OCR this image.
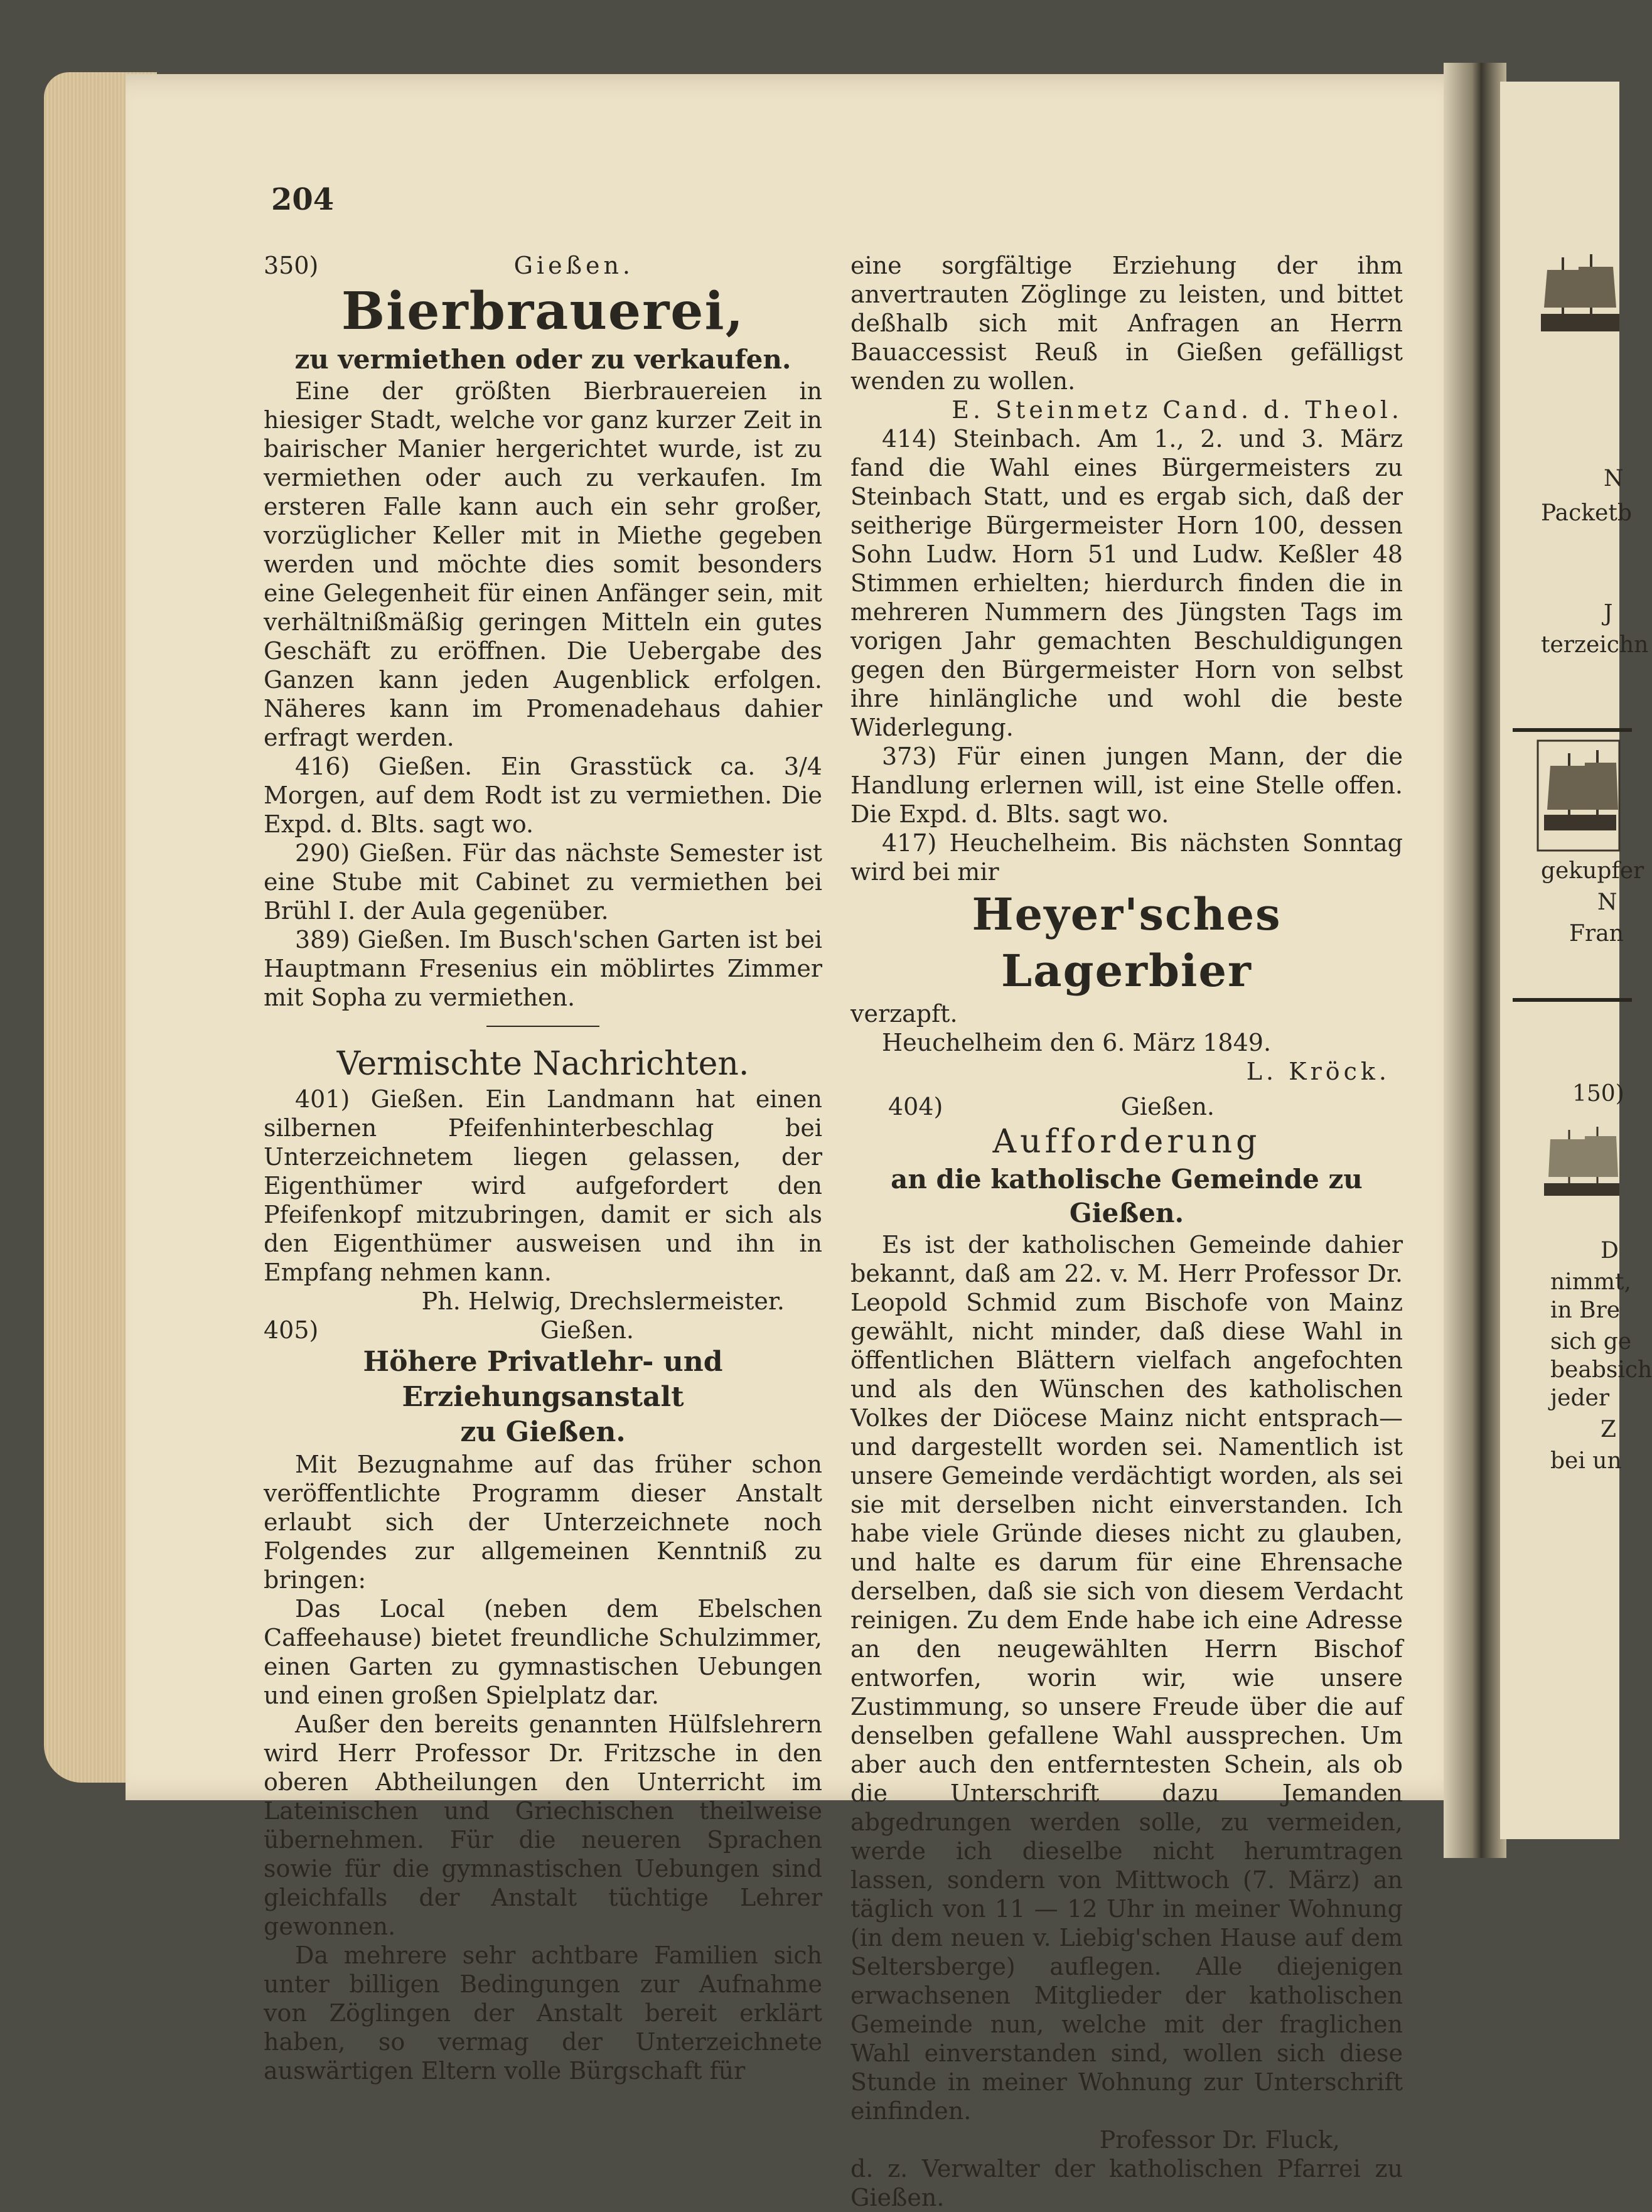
204
350)	Gießen.
Bierbrauerei,
zu vermiethen oder zu verkaufen.

Eine der größten Bierbrauereien in hiesiger Stadt, welche vor ganz kurzer Zeit in bairischer Manier hergerichtet wurde, ist zu vermiethen oder auch zu verkaufen. Im ersteren Falle kann auch ein sehr großer, vorzüglicher Keller mit in Miethe gegeben werden und möchte dies somit besonders eine Gelegenheit für einen Anfänger sein, mit verhältnißmäßig geringen Mitteln ein gutes Geschäft zu eröffnen. Die Uebergabe des Ganzen kann jeden Augenblick erfolgen. Näheres kann im Promenadehaus dahier erfragt werden.

416) Gießen. Ein Grasstück ca. 3/4 Morgen, auf dem Rodt ist zu vermiethen. Die Expd. d. Blts. sagt wo.

290) Gießen. Für das nächste Semester ist eine Stube mit Cabinet zu vermiethen bei Brühl I. der Aula gegenüber.

389) Gießen. Im Busch'schen Garten ist bei Hauptmann Fresenius ein möblirtes Zimmer mit Sopha zu vermiethen.

Vermischte Nachrichten.

401) Gießen. Ein Landmann hat einen silbernen Pfeifenhinterbeschlag bei Unterzeichnetem liegen gelassen, der Eigenthümer wird aufgefordert den Pfeifenkopf mitzubringen, damit er sich als den Eigenthümer ausweisen und ihn in Empfang nehmen kann.

Ph. Helwig, Drechslermeister.

405)	Gießen.
Höhere Privatlehr- und Erziehungsanstalt
zu Gießen.

Mit Bezugnahme auf das früher schon veröffentlichte Programm dieser Anstalt erlaubt sich der Unterzeichnete noch Folgendes zur allgemeinen Kenntniß zu bringen:

Das Local (neben dem Ebelschen Caffeehause) bietet freundliche Schulzimmer, einen Garten zu gymnastischen Uebungen und einen großen Spielplatz dar.

Außer den bereits genannten Hülfslehrern wird Herr Professor Dr. Fritzsche in den oberen Abtheilungen den Unterricht im Lateinischen und Griechischen theilweise übernehmen. Für die neueren Sprachen sowie für die gymnastischen Uebungen sind gleichfalls der Anstalt tüchtige Lehrer gewonnen.

Da mehrere sehr achtbare Familien sich unter billigen Bedingungen zur Aufnahme von Zöglingen der Anstalt bereit erklärt haben, so vermag der Unterzeichnete auswärtigen Eltern volle Bürgschaft für

eine sorgfältige Erziehung der ihm anvertrauten Zöglinge zu leisten, und bittet deßhalb sich mit Anfragen an Herrn Bauaccessist Reuß in Gießen gefälligst wenden zu wollen.

E. Steinmetz Cand. d. Theol.

414) Steinbach. Am 1., 2. und 3. März fand die Wahl eines Bürgermeisters zu Steinbach Statt, und es ergab sich, daß der seitherige Bürgermeister Horn 100, dessen Sohn Ludw. Horn 51 und Ludw. Keßler 48 Stimmen erhielten; hierdurch finden die in mehreren Nummern des Jüngsten Tags im vorigen Jahr gemachten Beschuldigungen gegen den Bürgermeister Horn von selbst ihre hinlängliche und wohl die beste Widerlegung.

373) Für einen jungen Mann, der die Handlung erlernen will, ist eine Stelle offen. Die Expd. d. Blts. sagt wo.

417) Heuchelheim. Bis nächsten Sonntag wird bei mir

Heyer'sches Lagerbier

verzapft.

Heuchelheim den 6. März 1849.

L. Kröck.

404)	Gießen.
Aufforderung
an die katholische Gemeinde zu Gießen.

Es ist der katholischen Gemeinde dahier bekannt, daß am 22. v. M. Herr Professor Dr. Leopold Schmid zum Bischofe von Mainz gewählt, nicht minder, daß diese Wahl in öffentlichen Blättern vielfach angefochten und als den Wünschen des katholischen Volkes der Diöcese Mainz nicht entsprach—und dargestellt worden sei. Namentlich ist unsere Gemeinde verdächtigt worden, als sei sie mit derselben nicht einverstanden. Ich habe viele Gründe dieses nicht zu glauben, und halte es darum für eine Ehrensache derselben, daß sie sich von diesem Verdacht reinigen. Zu dem Ende habe ich eine Adresse an den neugewählten Herrn Bischof entworfen, worin wir, wie unsere Zustimmung, so unsere Freude über die auf denselben gefallene Wahl aussprechen. Um aber auch den entferntesten Schein, als ob die Unterschrift dazu Jemanden abgedrungen werden solle, zu vermeiden, werde ich dieselbe nicht herumtragen lassen, sondern von Mittwoch (7. März) an täglich von 11 — 12 Uhr in meiner Wohnung (in dem neuen v. Liebig'schen Hause auf dem Seltersberge) auflegen. Alle diejenigen erwachsenen Mitglieder der katholischen Gemeinde nun, welche mit der fraglichen Wahl einverstanden sind, wollen sich diese Stunde in meiner Wohnung zur Unterschrift einfinden.

Professor Dr. Fluck,

d. z. Verwalter der katholischen Pfarrei zu Gießen.

N
Packetb
J
terzeichn
gekupfer
N
Fran
150)
D
nimmt,
in Bre
sich ge
beabsich
jeder
Z
bei un
